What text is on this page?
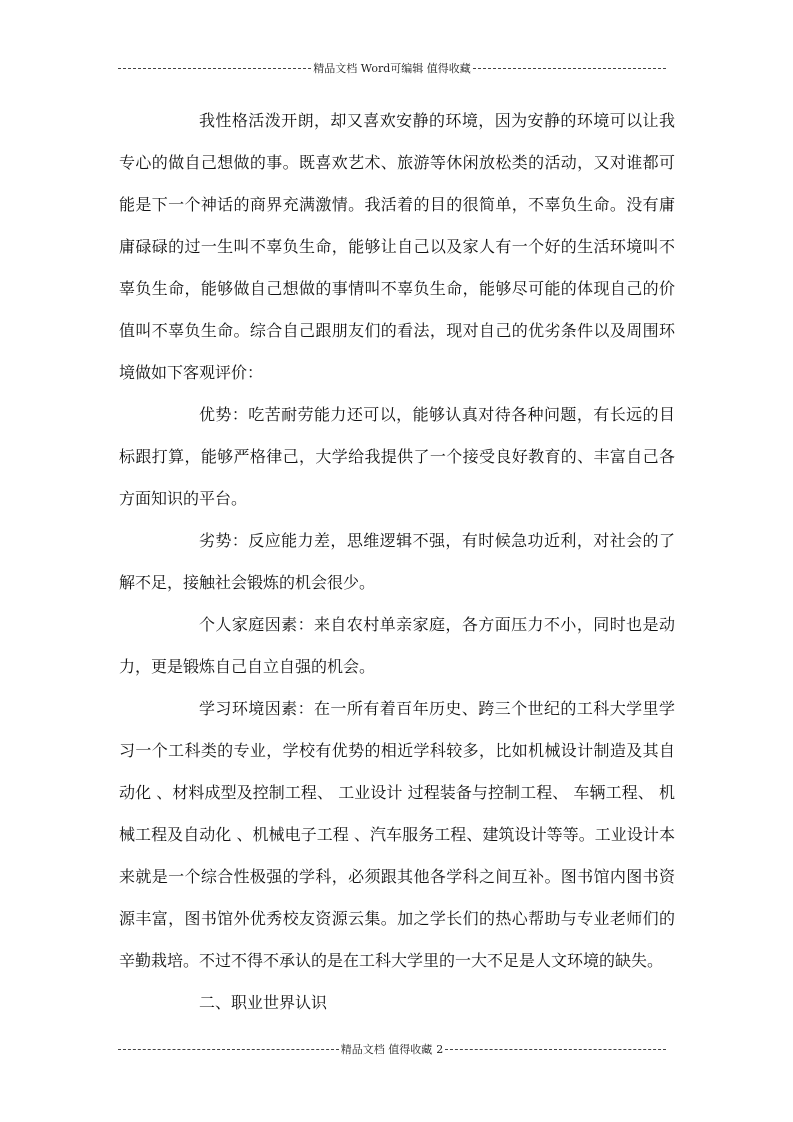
精品文档 Word可编辑 值得收藏

我性格活泼开朗，却又喜欢安静的环境，因为安静的环境可以让我专心的做自己想做的事。既喜欢艺术、旅游等休闲放松类的活动，又对谁都可能是下一个神话的商界充满激情。我活着的目的很简单，不辜负生命。没有庸庸碌碌的过一生叫不辜负生命，能够让自己以及家人有一个好的生活环境叫不辜负生命，能够做自己想做的事情叫不辜负生命，能够尽可能的体现自己的价值叫不辜负生命。综合自己跟朋友们的看法，现对自己的优劣条件以及周围环境做如下客观评价：

优势：吃苦耐劳能力还可以，能够认真对待各种问题，有长远的目标跟打算，能够严格律己，大学给我提供了一个接受良好教育的、丰富自己各方面知识的平台。

劣势：反应能力差，思维逻辑不强，有时候急功近利，对社会的了解不足，接触社会锻炼的机会很少。

个人家庭因素：来自农村单亲家庭，各方面压力不小，同时也是动力，更是锻炼自己自立自强的机会。

学习环境因素：在一所有着百年历史、跨三个世纪的工科大学里学习一个工科类的专业，学校有优势的相近学科较多，比如机械设计制造及其自动化 、材料成型及控制工程、 工业设计 过程装备与控制工程、 车辆工程、 机械工程及自动化 、机械电子工程 、汽车服务工程、建筑设计等等。工业设计本来就是一个综合性极强的学科，必须跟其他各学科之间互补。图书馆内图书资源丰富，图书馆外优秀校友资源云集。加之学长们的热心帮助与专业老师们的辛勤栽培。不过不得不承认的是在工科大学里的一大不足是人文环境的缺失。

二、职业世界认识

精品文档 值得收藏 2
